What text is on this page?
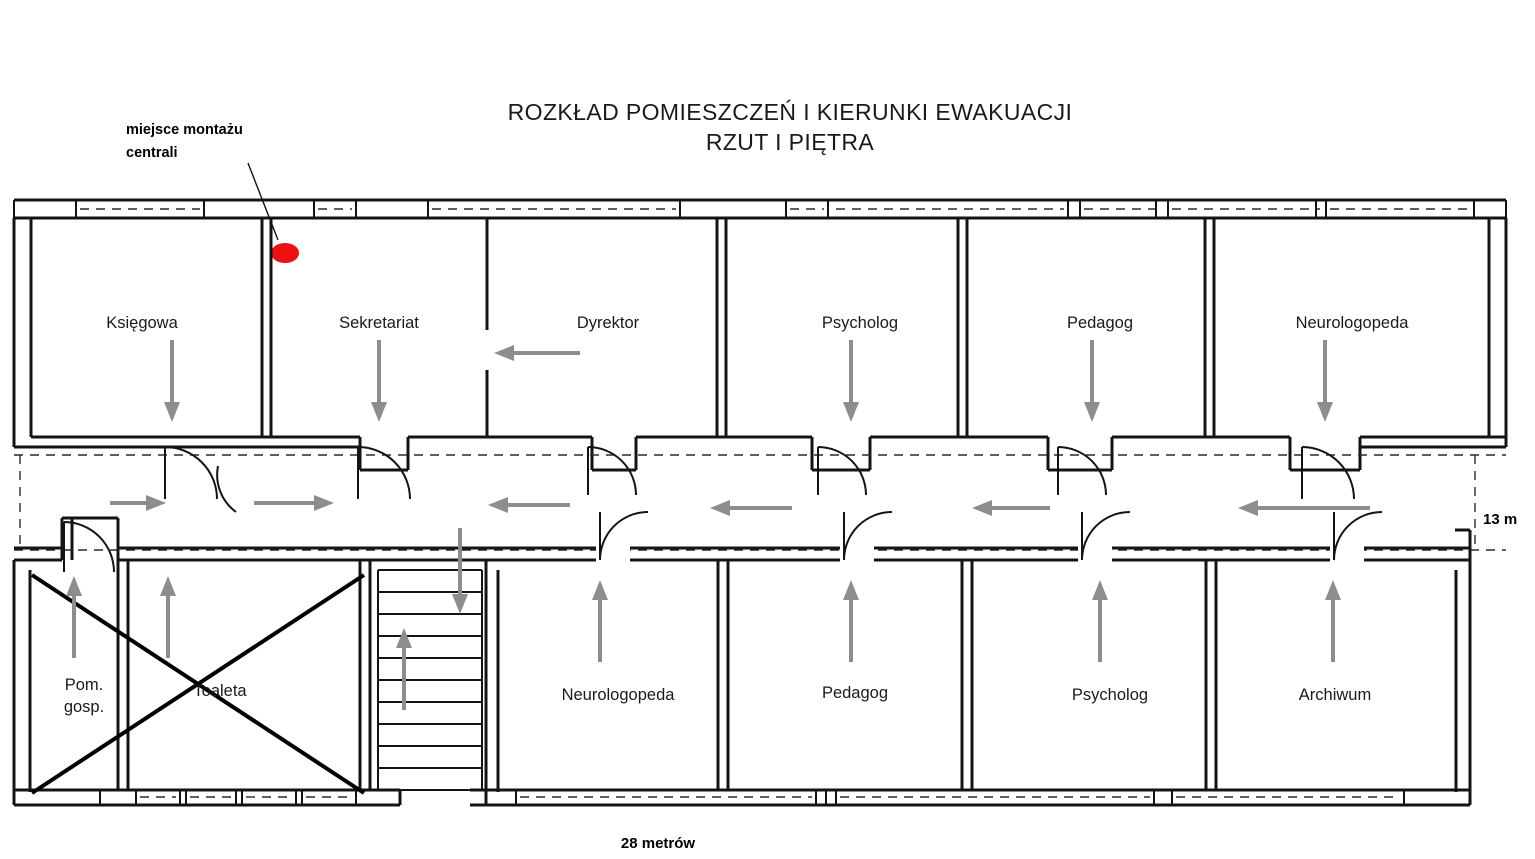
ROZKŁAD POMIESZCZEŃ I KIERUNKI EWAKUACJI
RZUT I PIĘTRA
miejsce montażu
centrali
Księgowa	Sekretariat	Dyrektor	Psycholog	Pedagog	Neurologopeda
Pom.
gosp.
Toaleta	Neurologopeda	Pedagog	Psycholog	Archiwum
13 m
28 metrów
